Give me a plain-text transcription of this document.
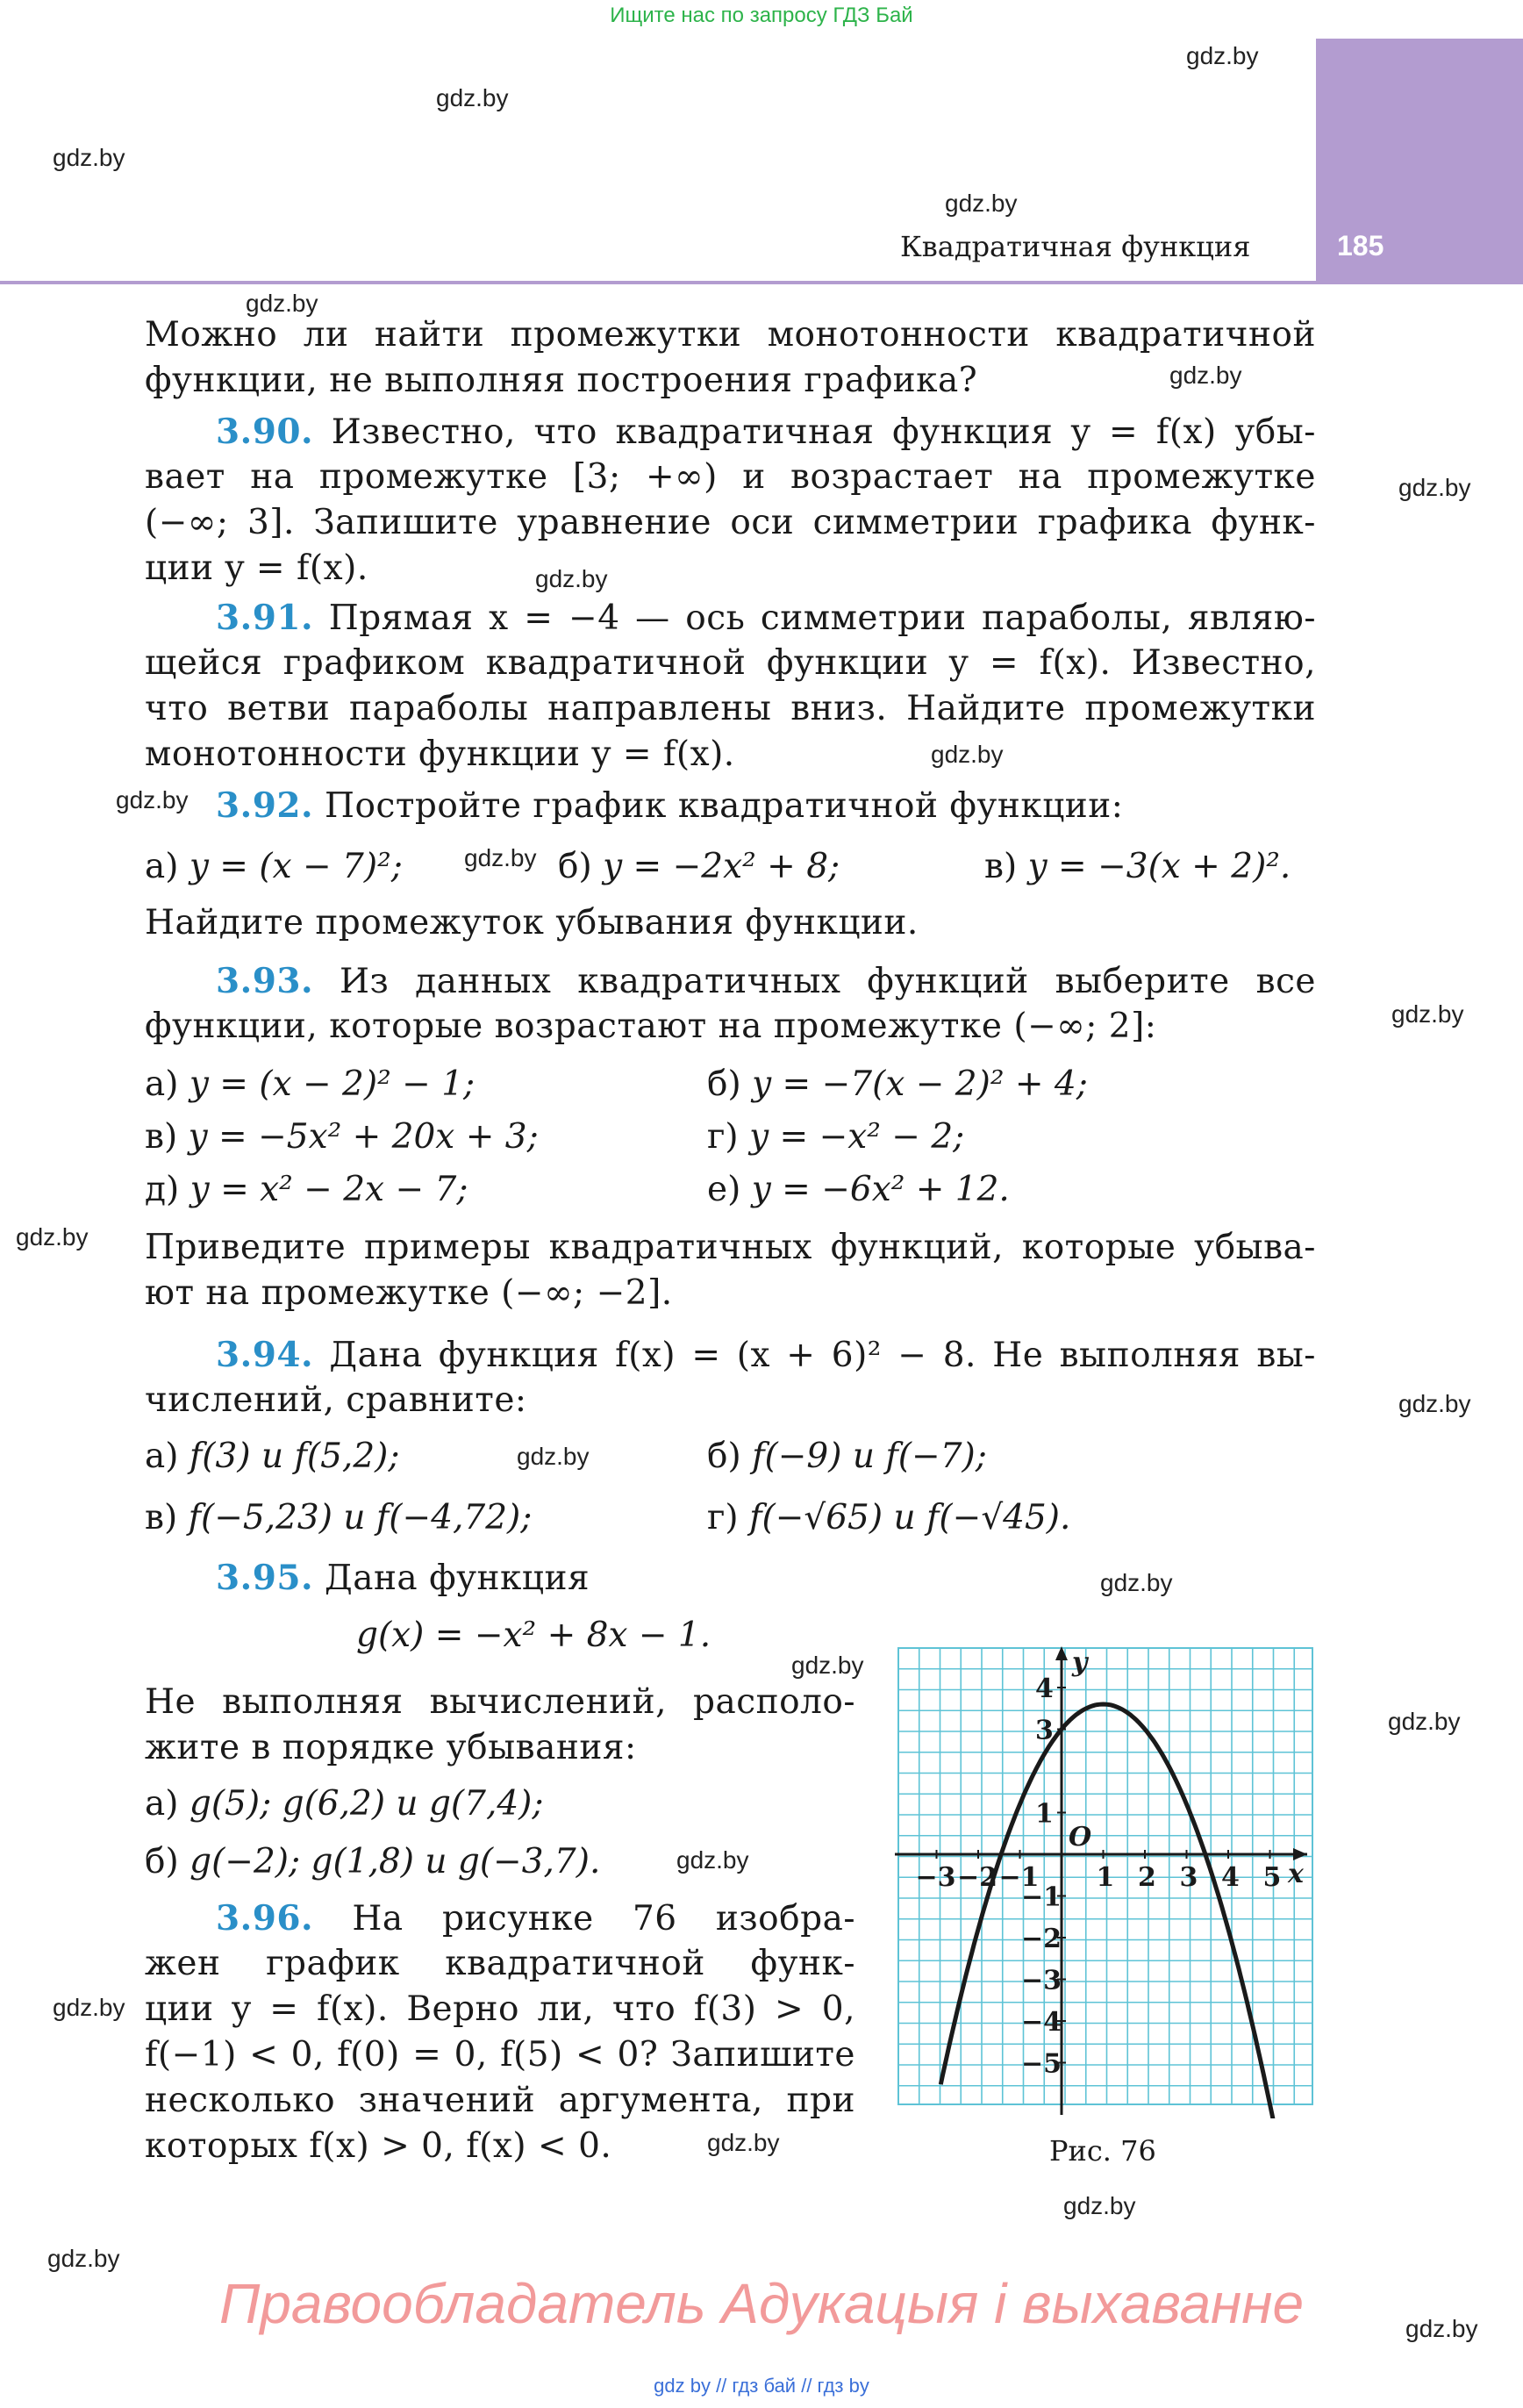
Ищите нас по запросу ГДЗ Бай
185
Квадратичная функция
gdz.by
gdz.by
gdz.by
gdz.by
gdz.by
gdz.by
gdz.by
gdz.by
gdz.by
gdz.by
gdz.by
gdz.by
gdz.by
gdz.by
gdz.by
gdz.by
gdz.by
gdz.by
gdz.by
gdz.by
gdz.by
gdz.by
gdz.by
gdz.by
Можно ли найти промежутки монотонности квадратичной
функции, не выполняя построения графика?
3.90. Известно, что квадратичная функция y = f(x) убы-
вает на промежутке [3; +∞) и возрастает на промежутке
(−∞; 3]. Запишите уравнение оси симметрии графика функ-
ции y = f(x).
3.91. Прямая x = −4 — ось симметрии параболы, являю-
щейся графиком квадратичной функции y = f(x). Известно,
что ветви параболы направлены вниз. Найдите промежутки
монотонности функции y = f(x).
3.92. Постройте график квадратичной функции:
а) y = (x − 7)²;	б) y = −2x² + 8;	в) y = −3(x + 2)².
Найдите промежуток убывания функции.
3.93. Из данных квадратичных функций выберите все
функции, которые возрастают на промежутке (−∞; 2]:
а) y = (x − 2)² − 1;	б) y = −7(x − 2)² + 4;
в) y = −5x² + 20x + 3;	г) y = −x² − 2;
д) y = x² − 2x − 7;	е) y = −6x² + 12.
Приведите примеры квадратичных функций, которые убыва-
ют на промежутке (−∞; −2].
3.94. Дана функция f(x) = (x + 6)² − 8. Не выполняя вы-
числений, сравните:
а) f(3) и f(5,2);	б) f(−9) и f(−7);
в) f(−5,23) и f(−4,72);	г) f(−√65) и f(−√45).
3.95. Дана функция
g(x) = −x² + 8x − 1.
Не выполняя вычислений, располо-
жите в порядке убывания:
а) g(5); g(6,2) и g(7,4);
б) g(−2); g(1,8) и g(−3,7).
3.96. На рисунке 76 изобра-
жен график квадратичной функ-
ции y = f(x). Верно ли, что f(3) > 0,
f(−1) < 0, f(0) = 0, f(5) < 0? Запишите
несколько значений аргумента, при
которых f(x) > 0, f(x) < 0.
−3 −2 −1 1 2 3 4 5
4
3
1
−1
−2
−3
−4
−5
x
y
O
Рис. 76
Правообладатель Адукацыя і выхаванне
gdz by // гдз бай // гдз by
